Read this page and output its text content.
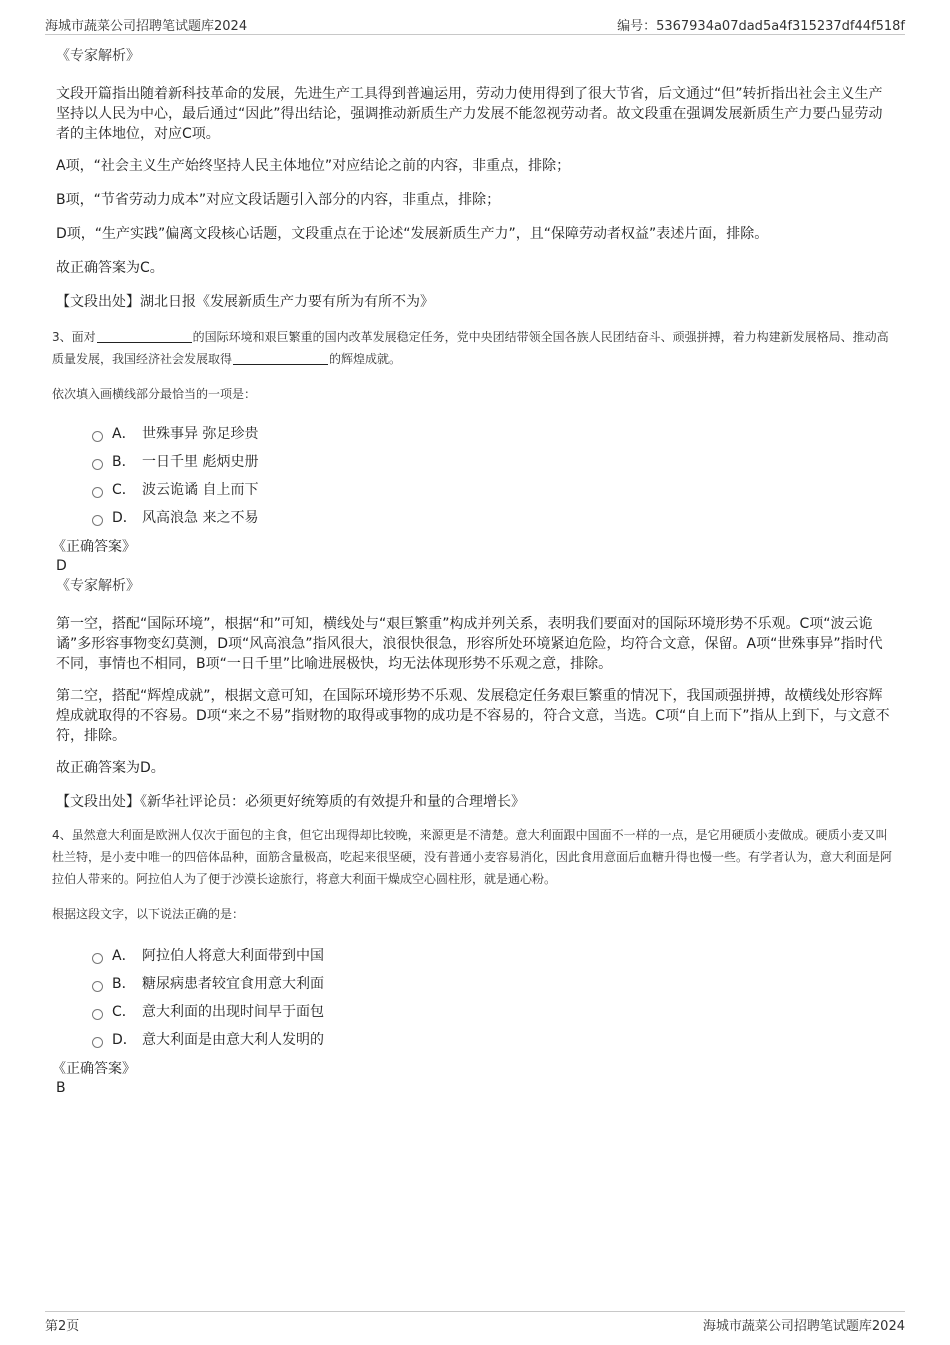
海城市蔬菜公司招聘笔试题库2024	编号：5367934a07dad5a4f315237df44f518f

《专家解析》

文段开篇指出随着新科技革命的发展，先进生产工具得到普遍运用，劳动力使用得到了很大节省，后文通过“但”转折指出社会主义生产坚持以人民为中心，最后通过“因此”得出结论，强调推动新质生产力发展不能忽视劳动者。故文段重在强调发展新质生产力要凸显劳动者的主体地位，对应C项。

A项，“社会主义生产始终坚持人民主体地位”对应结论之前的内容，非重点，排除；

B项，“节省劳动力成本”对应文段话题引入部分的内容，非重点，排除；

D项，“生产实践”偏离文段核心话题，文段重点在于论述“发展新质生产力”，且“保障劳动者权益”表述片面，排除。

故正确答案为C。

【文段出处】湖北日报《发展新质生产力要有所为有所不为》

3、面对	的国际环境和艰巨繁重的国内改革发展稳定任务，党中央团结带领全国各族人民团结奋斗、顽强拼搏，着力构建新发展格局、推动高质量发展，我国经济社会发展取得	的辉煌成就。

依次填入画横线部分最恰当的一项是：

A． 世殊事异 弥足珍贵
B． 一日千里 彪炳史册
C． 波云诡谲 自上而下
D． 风高浪急 来之不易

《正确答案》

D

《专家解析》

第一空，搭配“国际环境”，根据“和”可知，横线处与“艰巨繁重”构成并列关系，表明我们要面对的国际环境形势不乐观。C项“波云诡谲”多形容事物变幻莫测，D项“风高浪急”指风很大，浪很快很急，形容所处环境紧迫危险，均符合文意，保留。A项“世殊事异”指时代不同，事情也不相同，B项“一日千里”比喻进展极快，均无法体现形势不乐观之意，排除。

第二空，搭配“辉煌成就”，根据文意可知，在国际环境形势不乐观、发展稳定任务艰巨繁重的情况下，我国顽强拼搏，故横线处形容辉煌成就取得的不容易。D项“来之不易”指财物的取得或事物的成功是不容易的，符合文意，当选。C项“自上而下”指从上到下，与文意不符，排除。

故正确答案为D。

【文段出处】《新华社评论员：必须更好统筹质的有效提升和量的合理增长》

4、虽然意大利面是欧洲人仅次于面包的主食，但它出现得却比较晚，来源更是不清楚。意大利面跟中国面不一样的一点，是它用硬质小麦做成。硬质小麦又叫杜兰特，是小麦中唯一的四倍体品种，面筋含量极高，吃起来很坚硬，没有普通小麦容易消化，因此食用意面后血糖升得也慢一些。有学者认为，意大利面是阿拉伯人带来的。阿拉伯人为了便于沙漠长途旅行，将意大利面干燥成空心圆柱形，就是通心粉。

根据这段文字，以下说法正确的是：

A． 阿拉伯人将意大利面带到中国
B． 糖尿病患者较宜食用意大利面
C． 意大利面的出现时间早于面包
D． 意大利面是由意大利人发明的

《正确答案》

B

第2页	海城市蔬菜公司招聘笔试题库2024
